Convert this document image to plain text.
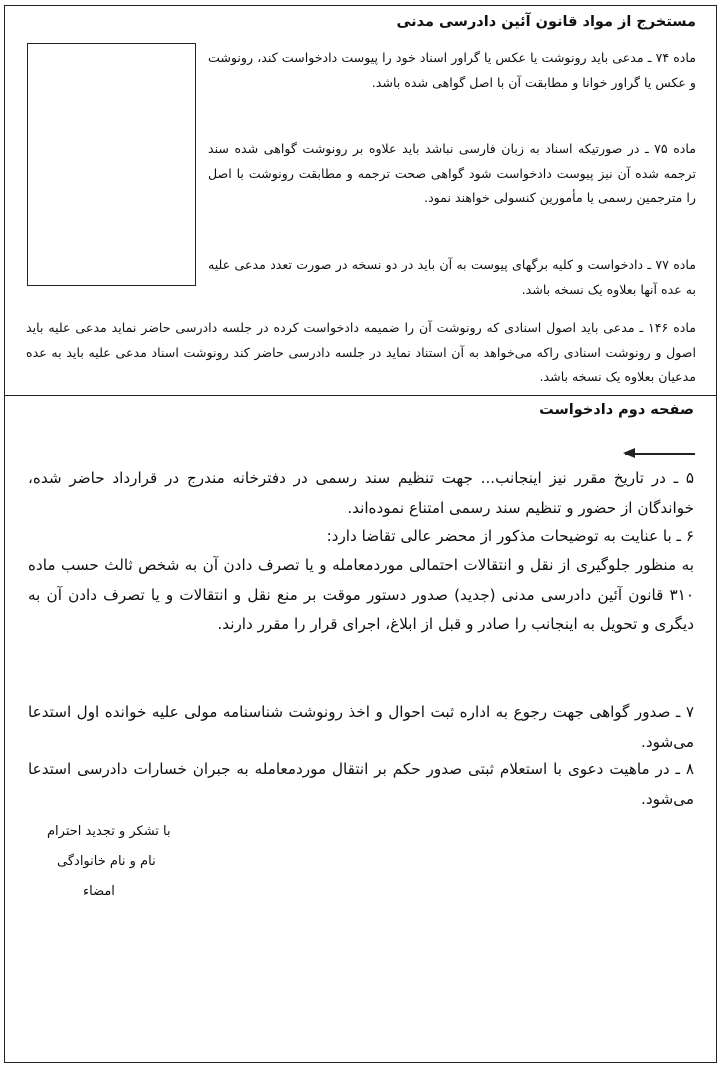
مستخرج از مواد قانون آئین دادرسی مدنی

ماده ۷۴ ـ مدعی باید رونوشت یا عکس یا گراور اسناد خود را پیوست دادخواست کند، رونوشت و عکس یا گراور خوانا و مطابقت آن با اصل گواهی شده باشد.

ماده ۷۵ ـ در صورتیکه اسناد به زبان فارسی نباشد باید علاوه بر رونوشت گواهی شده سند ترجمه شده آن نیز پیوست دادخواست شود گواهی صحت ترجمه و مطابقت رونوشت با اصل را مترجمین رسمی یا مأمورین کنسولی خواهند نمود.

ماده ۷۷ ـ دادخواست و کلیه برگهای پیوست به آن باید در دو نسخه در صورت تعدد مدعی علیه به عده آنها بعلاوه یک نسخه باشد.

ماده ۱۴۶ ـ مدعی باید اصول اسنادی که رونوشت آن را ضمیمه دادخواست کرده در جلسه دادرسی حاضر نماید مدعی علیه باید اصول و رونوشت اسنادی راکه می‌خواهد به آن استناد نماید در جلسه دادرسی حاضر کند رونوشت اسناد مدعی علیه باید به عده مدعیان بعلاوه یک نسخه باشد.

صفحه دوم دادخواست

۵ ـ در تاریخ مقرر نیز اینجانب... جهت تنظیم سند رسمی در دفترخانه مندرج در قرارداد حاضر شده، خواندگان از حضور و تنظیم سند رسمی امتناع نموده‌اند.

۶ ـ با عنایت به توضیحات مذکور از محضر عالی تقاضا دارد:

به منظور جلوگیری از نقل و انتقالات احتمالی موردمعامله و یا تصرف دادن آن به شخص ثالث حسب ماده ۳۱۰ قانون آئین دادرسی مدنی (جدید) صدور دستور موقت بر منع نقل و انتقالات و یا تصرف دادن آن به دیگری و تحویل به اینجانب را صادر و قبل از ابلاغ، اجرای قرار را مقرر دارند.

۷ ـ صدور گواهی جهت رجوع به اداره ثبت احوال و اخذ رونوشت شناسنامه مولی علیه خوانده اول استدعا می‌شود.

۸ ـ در ماهیت دعوی با استعلام ثبتی صدور حکم بر انتقال موردمعامله به جبران خسارات دادرسی استدعا می‌شود.

با تشکر و تجدید احترام
نام و نام خانوادگی
امضاء
